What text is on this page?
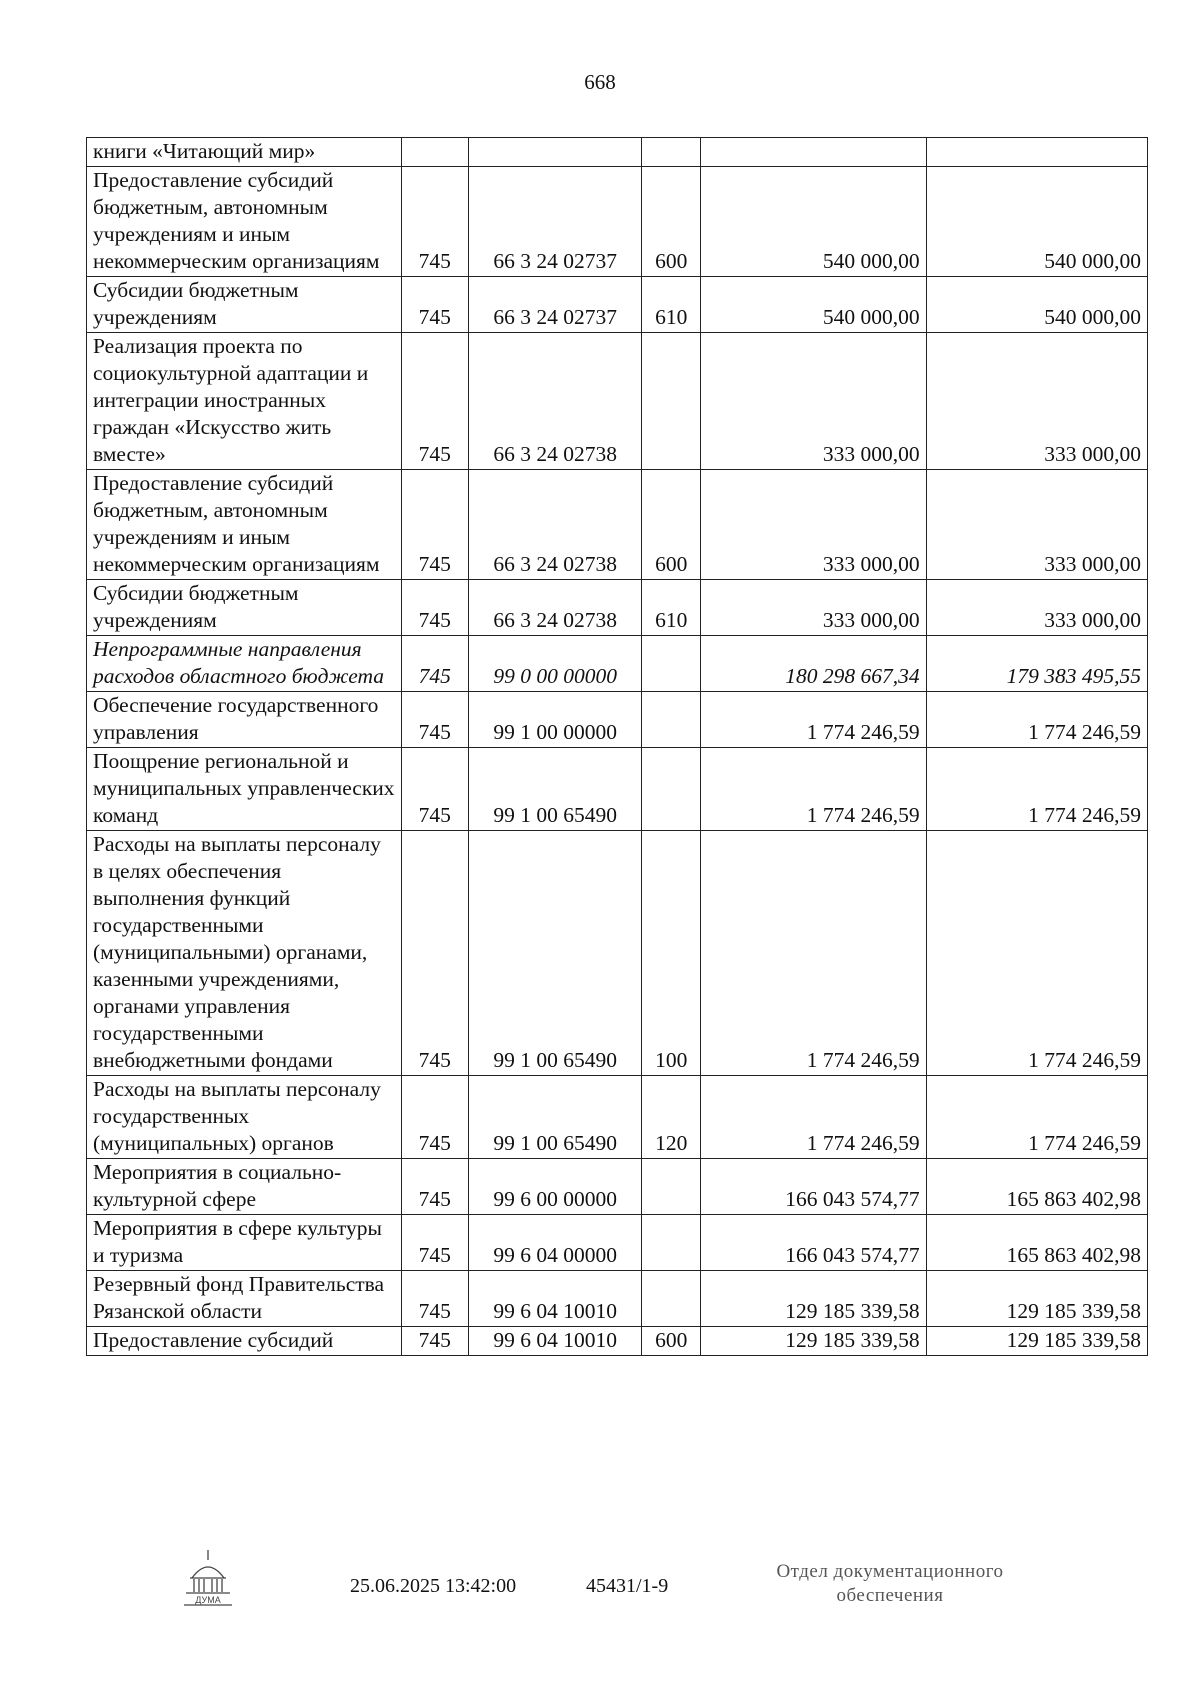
668
книги «Читающий мир»					
Предоставление субсидий бюджетным, автономным учреждениям и иным некоммерческим организациям	745	66 3 24 02737	600	540 000,00	540 000,00
Субсидии бюджетным учреждениям	745	66 3 24 02737	610	540 000,00	540 000,00
Реализация проекта по социокультурной адаптации и интеграции иностранных граждан «Искусство жить вместе»	745	66 3 24 02738		333 000,00	333 000,00
Предоставление субсидий бюджетным, автономным учреждениям и иным некоммерческим организациям	745	66 3 24 02738	600	333 000,00	333 000,00
Субсидии бюджетным учреждениям	745	66 3 24 02738	610	333 000,00	333 000,00
Непрограммные направления расходов областного бюджета	745	99 0 00 00000		180 298 667,34	179 383 495,55
Обеспечение государственного управления	745	99 1 00 00000		1 774 246,59	1 774 246,59
Поощрение региональной и муниципальных управленческих команд	745	99 1 00 65490		1 774 246,59	1 774 246,59
Расходы на выплаты персоналу в целях обеспечения выполнения функций государственными (муниципальными) органами, казенными учреждениями, органами управления государственными внебюджетными фондами	745	99 1 00 65490	100	1 774 246,59	1 774 246,59
Расходы на выплаты персоналу государственных (муниципальных) органов	745	99 1 00 65490	120	1 774 246,59	1 774 246,59
Мероприятия в социально-культурной сфере	745	99 6 00 00000		166 043 574,77	165 863 402,98
Мероприятия в сфере культуры и туризма	745	99 6 04 00000		166 043 574,77	165 863 402,98
Резервный фонд Правительства Рязанской области	745	99 6 04 10010		129 185 339,58	129 185 339,58
Предоставление субсидий	745	99 6 04 10010	600	129 185 339,58	129 185 339,58
ДУМА
25.06.2025 13:42:00	45431/1-9
Отдел документационного
обеспечения
